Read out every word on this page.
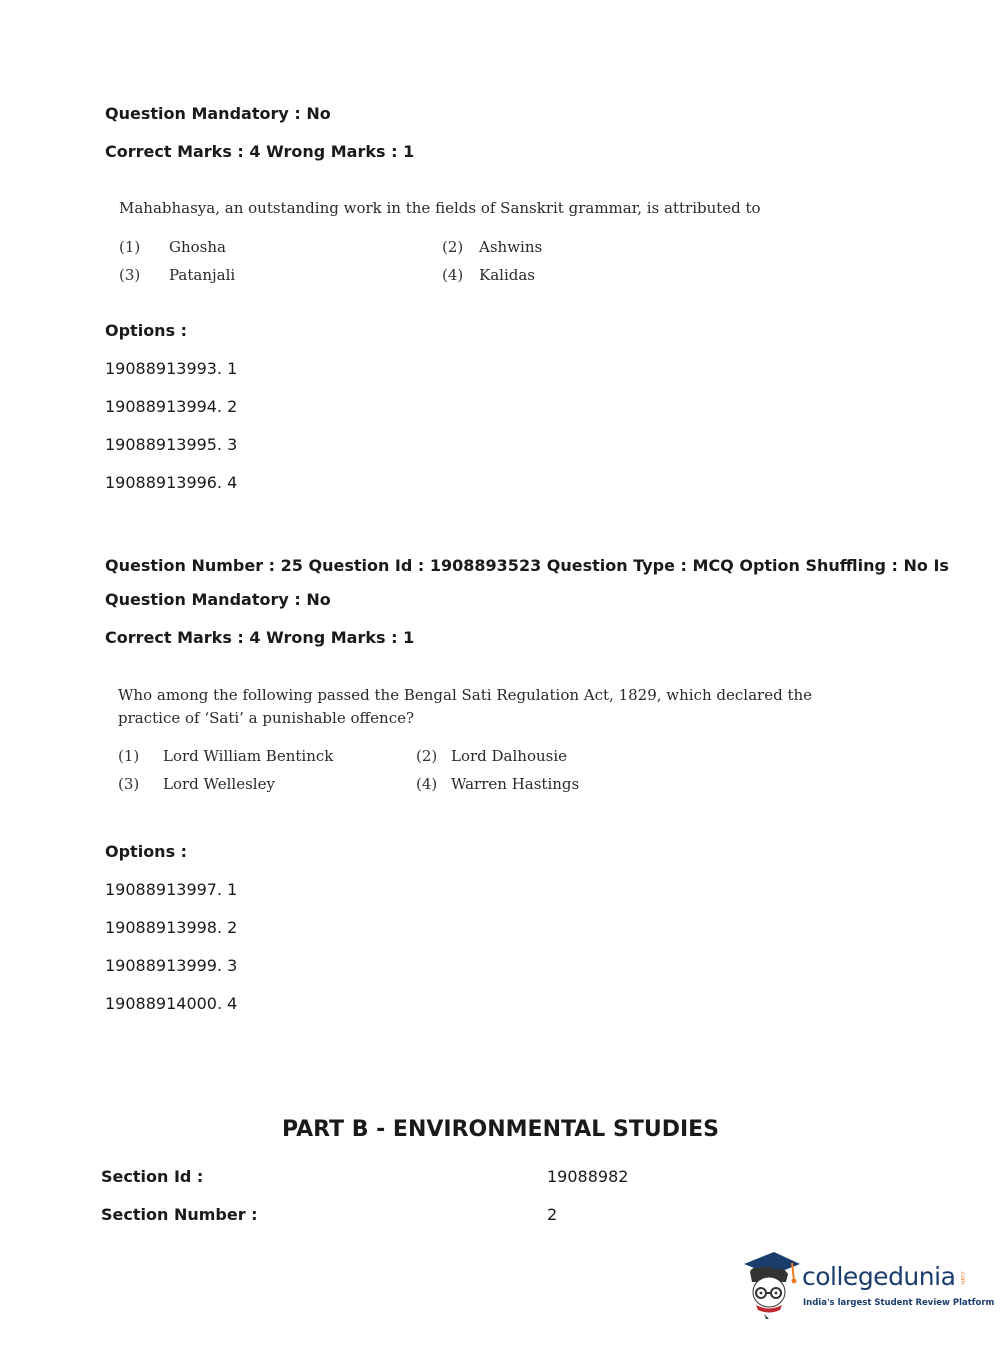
Question Mandatory : No
Correct Marks : 4 Wrong Marks : 1
Mahabhasya, an outstanding work in the fields of Sanskrit grammar, is attributed to
(1) Ghosha	(2) Ashwins
(3) Patanjali	(4) Kalidas
Options :
19088913993. 1
19088913994. 2
19088913995. 3
19088913996. 4
Question Number : 25 Question Id : 1908893523 Question Type : MCQ Option Shuffling : No Is
Question Mandatory : No
Correct Marks : 4 Wrong Marks : 1
Who among the following passed the Bengal Sati Regulation Act, 1829, which declared the
practice of ‘Sati’ a punishable offence?
(1) Lord William Bentinck	(2) Lord Dalhousie
(3) Lord Wellesley	(4) Warren Hastings
Options :
19088913997. 1
19088913998. 2
19088913999. 3
19088914000. 4
PART B - ENVIRONMENTAL STUDIES
Section Id :	19088982
Section Number :	2
collegedunia .com
India's largest Student Review Platform
